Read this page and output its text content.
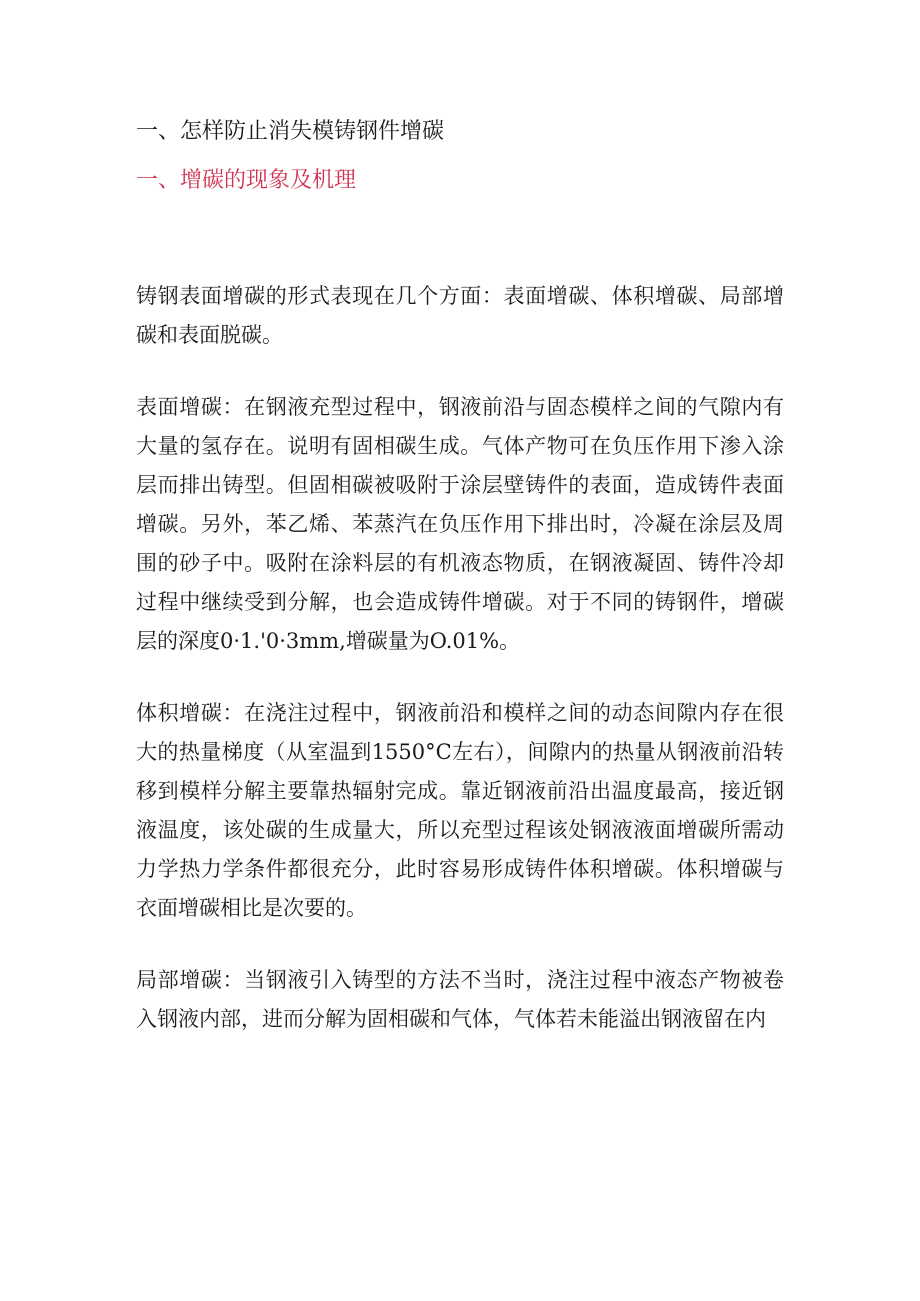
一、怎样防止消失模铸钢件增碳
一、增碳的现象及机理

铸钢表面增碳的形式表现在几个方面：表面增碳、体积增碳、局部增碳和表面脱碳。

表面增碳：在钢液充型过程中，钢液前沿与固态模样之间的气隙内有大量的氢存在。说明有固相碳生成。气体产物可在负压作用下渗入涂层而排出铸型。但固相碳被吸附于涂层壁铸件的表面，造成铸件表面增碳。另外，苯乙烯、苯蒸汽在负压作用下排出时，冷凝在涂层及周围的砂子中。吸附在涂料层的有机液态物质，在钢液凝固、铸件冷却过程中继续受到分解，也会造成铸件增碳。对于不同的铸钢件，增碳层的深度0·1.'0·3mm,增碳量为O.01%。

体积增碳：在浇注过程中，钢液前沿和模样之间的动态间隙内存在很大的热量梯度（从室温到1550°C左右），间隙内的热量从钢液前沿转移到模样分解主要靠热辐射完成。靠近钢液前沿出温度最高，接近钢液温度，该处碳的生成量大，所以充型过程该处钢液液面增碳所需动力学热力学条件都很充分，此时容易形成铸件体积增碳。体积增碳与衣面增碳相比是次要的。

局部增碳：当钢液引入铸型的方法不当时，浇注过程中液态产物被卷入钢液内部，进而分解为固相碳和气体，气体若未能溢出钢液留在内
